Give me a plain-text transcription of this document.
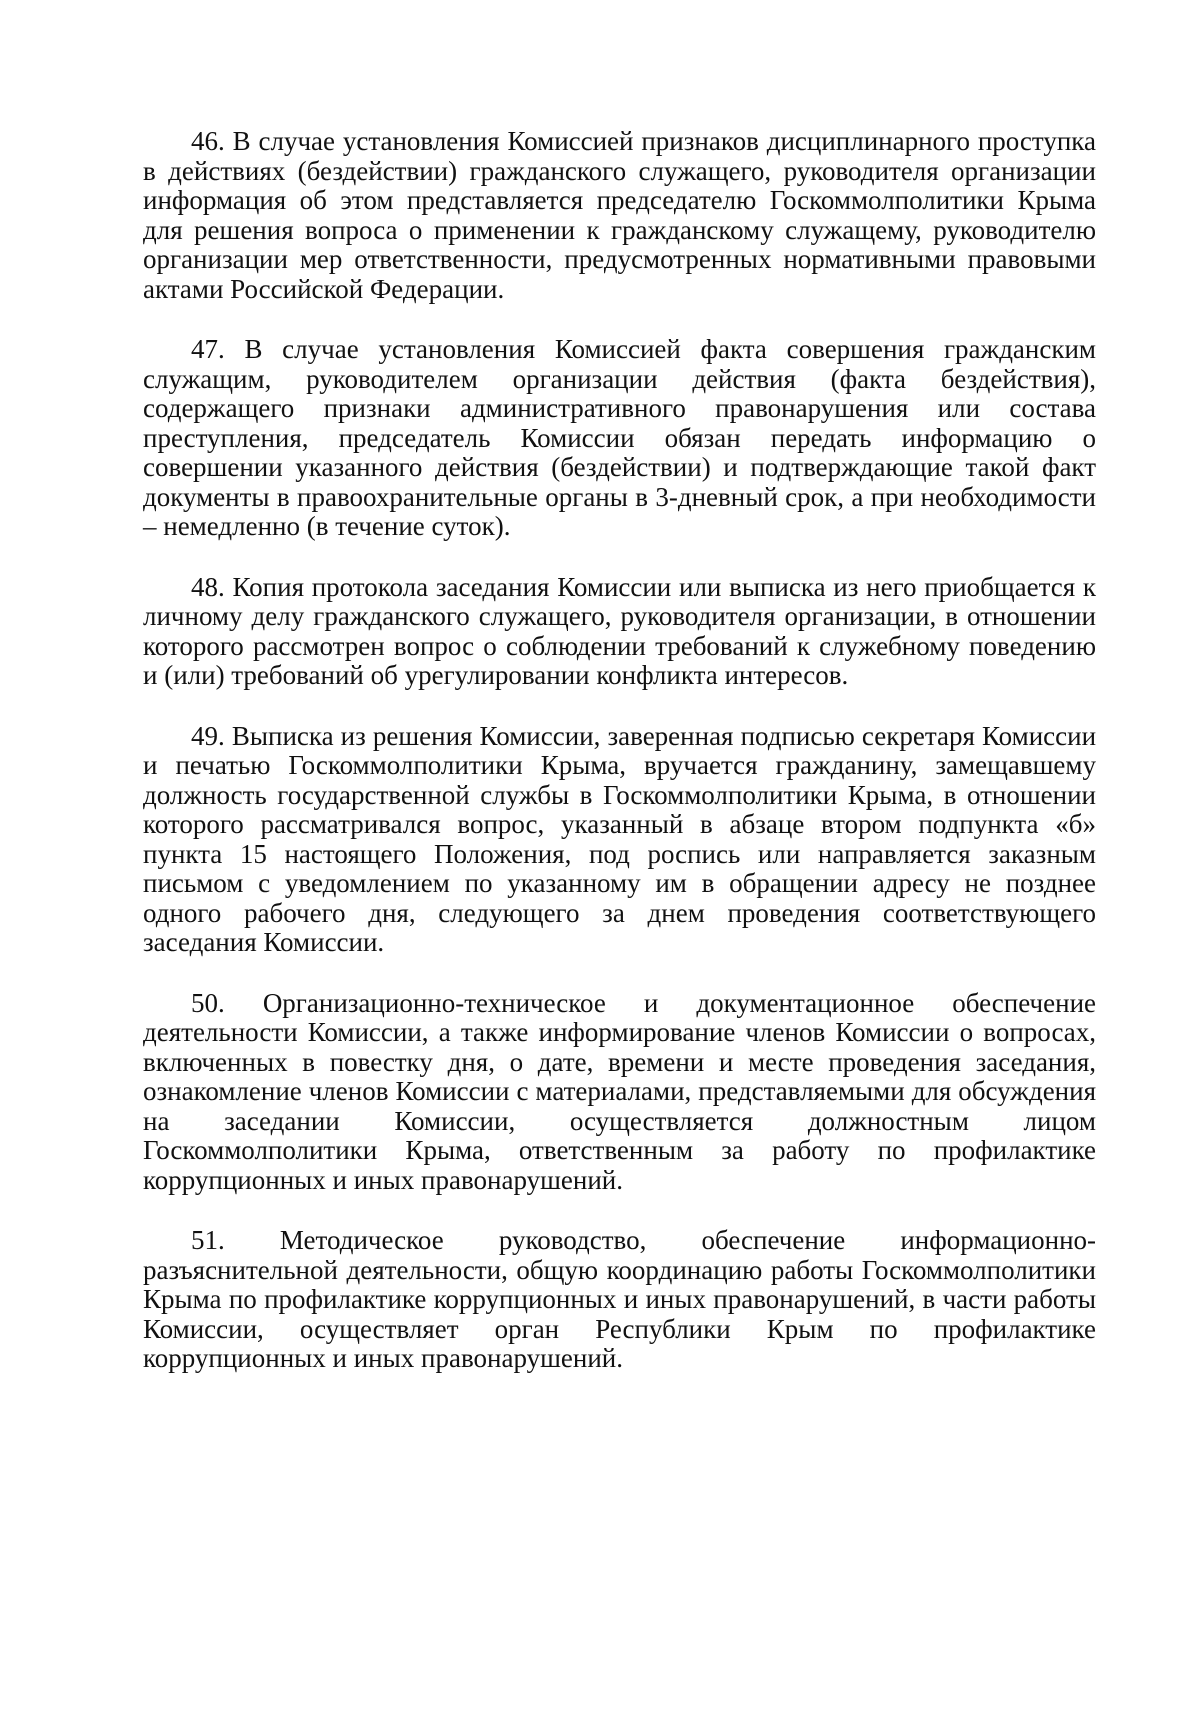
46. В случае установления Комиссией признаков дисциплинарного проступка в действиях (бездействии) гражданского служащего, руководителя организации информация об этом представляется председателю Госкоммолполитики Крыма для решения вопроса о применении к гражданскому служащему, руководителю организации мер ответственности, предусмотренных нормативными правовыми актами Российской Федерации.

47. В случае установления Комиссией факта совершения гражданским служащим, руководителем организации действия (факта бездействия), содержащего признаки административного правонарушения или состава преступления, председатель Комиссии обязан передать информацию о совершении указанного действия (бездействии) и подтверждающие такой факт документы в правоохранительные органы в 3-дневный срок, а при необходимости – немедленно (в течение суток).

48. Копия протокола заседания Комиссии или выписка из него приобщается к личному делу гражданского служащего, руководителя организации, в отношении которого рассмотрен вопрос о соблюдении требований к служебному поведению и (или) требований об урегулировании конфликта интересов.

49. Выписка из решения Комиссии, заверенная подписью секретаря Комиссии и печатью Госкоммолполитики Крыма, вручается гражданину, замещавшему должность государственной службы в Госкоммолполитики Крыма, в отношении которого рассматривался вопрос, указанный в абзаце втором подпункта «б» пункта 15 настоящего Положения, под роспись или направляется заказным письмом с уведомлением по указанному им в обращении адресу не позднее одного рабочего дня, следующего за днем проведения соответствующего заседания Комиссии.

50. Организационно-техническое и документационное обеспечение деятельности Комиссии, а также информирование членов Комиссии о вопросах, включенных в повестку дня, о дате, времени и месте проведения заседания, ознакомление членов Комиссии с материалами, представляемыми для обсуждения на заседании Комиссии, осуществляется должностным лицом Госкоммолполитики Крыма, ответственным за работу по профилактике коррупционных и иных правонарушений.

51. Методическое руководство, обеспечение информационно-разъяснительной деятельности, общую координацию работы Госкоммолполитики Крыма по профилактике коррупционных и иных правонарушений, в части работы Комиссии, осуществляет орган Республики Крым по профилактике коррупционных и иных правонарушений.
